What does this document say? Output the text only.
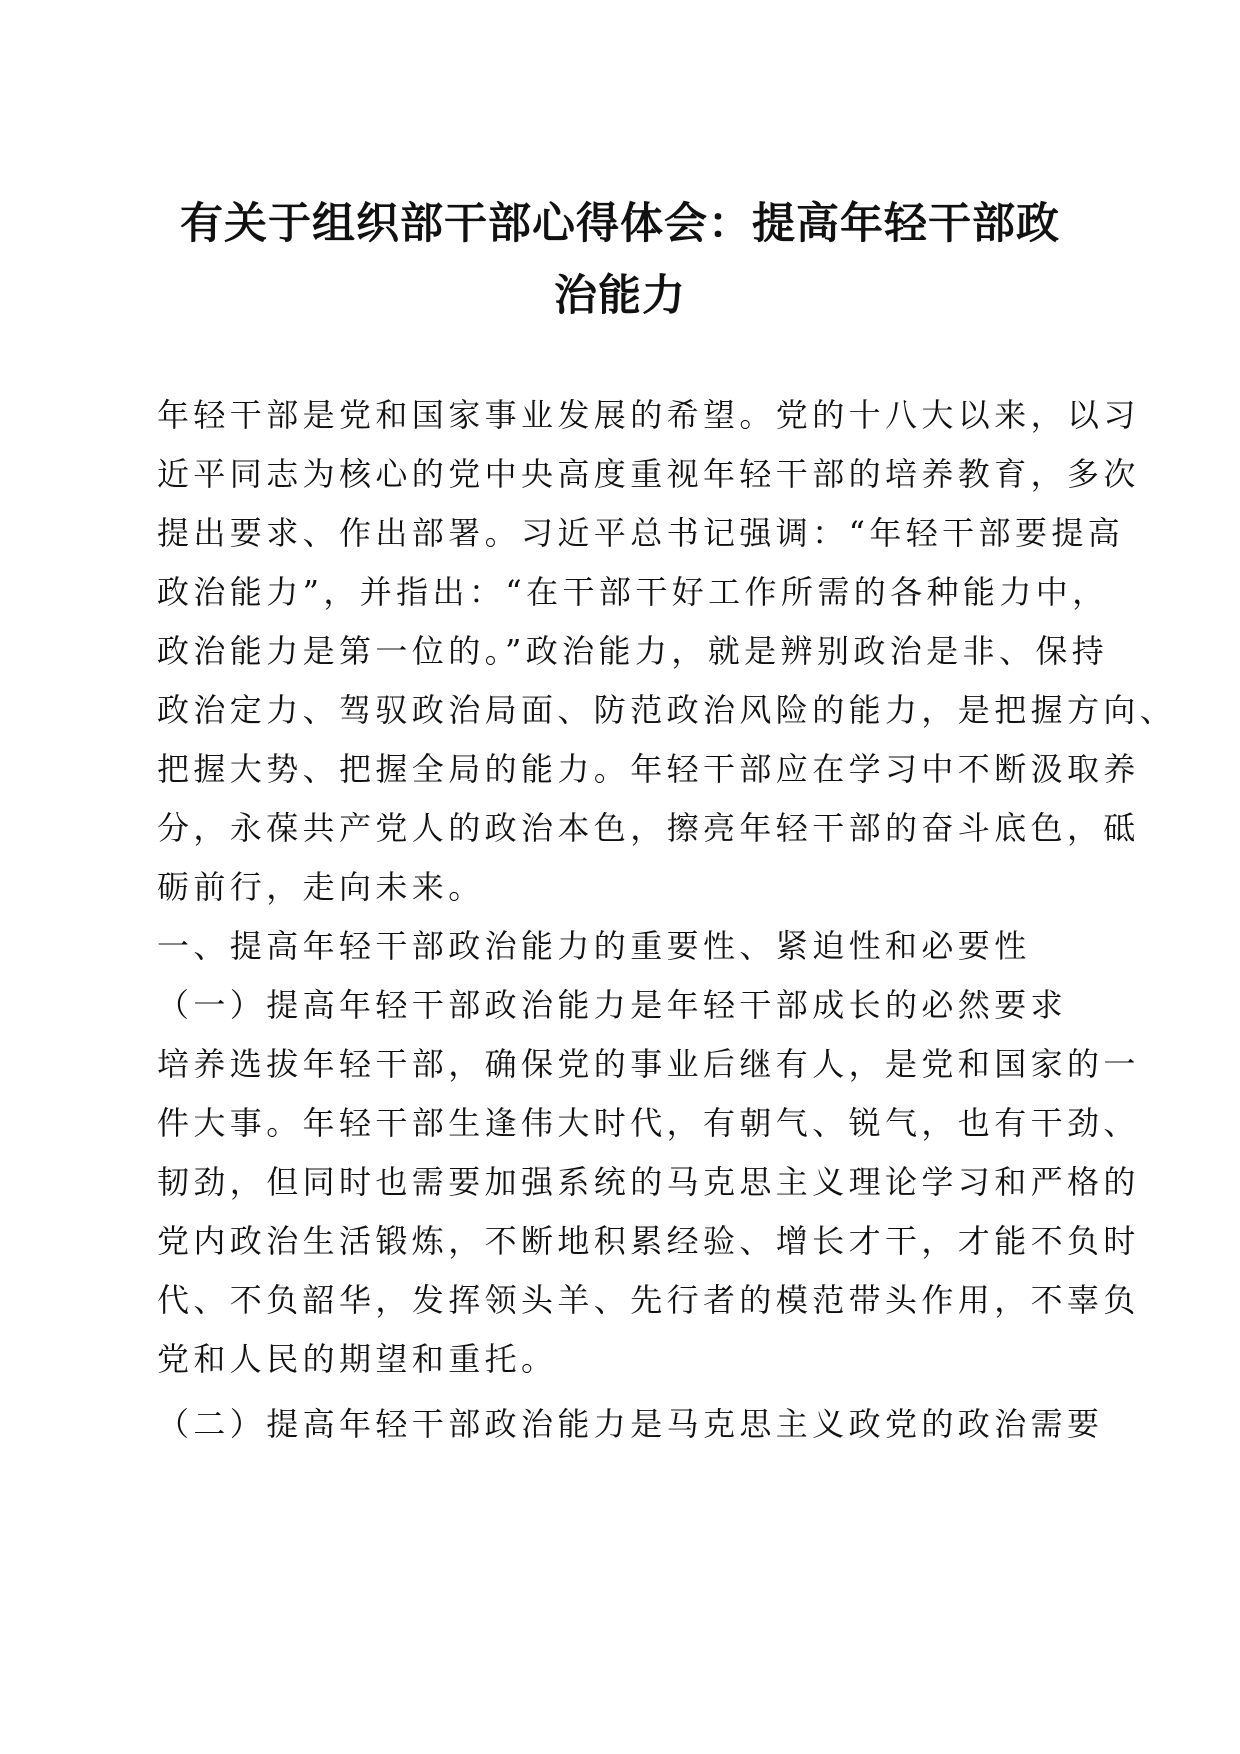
有关于组织部干部心得体会：提高年轻干部政
治能力
年轻干部是党和国家事业发展的希望。党的十八大以来，以习
近平同志为核心的党中央高度重视年轻干部的培养教育，多次
提出要求、作出部署。习近平总书记强调：“年轻干部要提高
政治能力”，并指出：“在干部干好工作所需的各种能力中，
政治能力是第一位的。”政治能力，就是辨别政治是非、保持
政治定力、驾驭政治局面、防范政治风险的能力，是把握方向、
把握大势、把握全局的能力。年轻干部应在学习中不断汲取养
分，永葆共产党人的政治本色，擦亮年轻干部的奋斗底色，砥
砺前行，走向未来。
一、提高年轻干部政治能力的重要性、紧迫性和必要性
（一）提高年轻干部政治能力是年轻干部成长的必然要求
培养选拔年轻干部，确保党的事业后继有人，是党和国家的一
件大事。年轻干部生逢伟大时代，有朝气、锐气，也有干劲、
韧劲，但同时也需要加强系统的马克思主义理论学习和严格的
党内政治生活锻炼，不断地积累经验、增长才干，才能不负时
代、不负韶华，发挥领头羊、先行者的模范带头作用，不辜负
党和人民的期望和重托。
（二）提高年轻干部政治能力是马克思主义政党的政治需要
